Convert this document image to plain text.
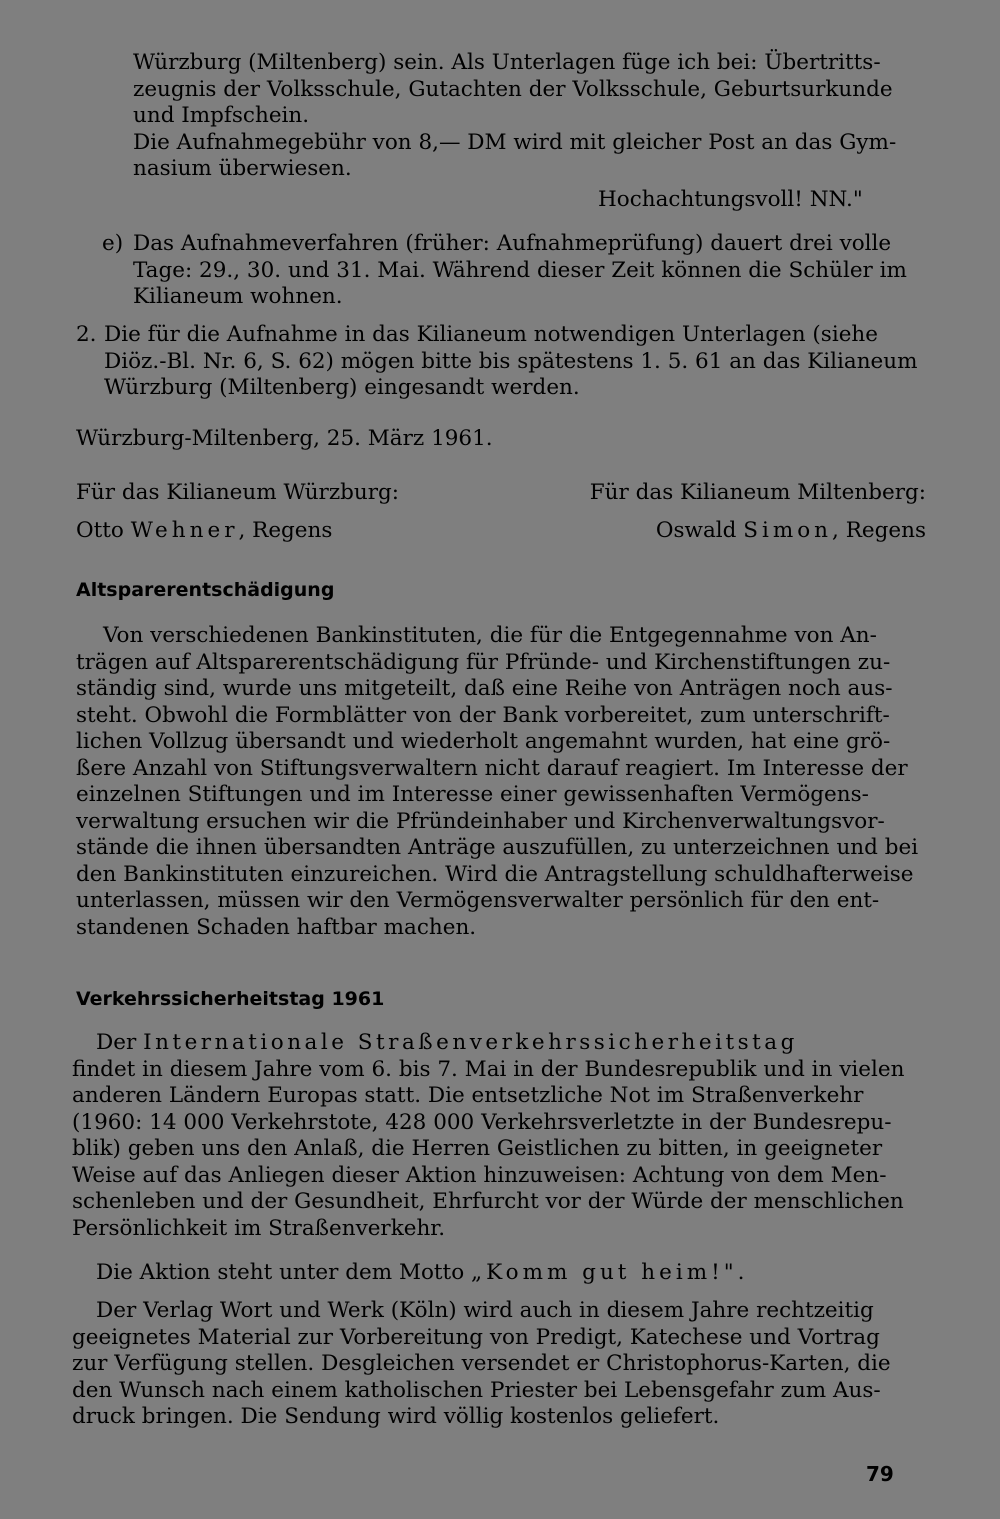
Würzburg (Miltenberg) sein. Als Unterlagen füge ich bei: Übertritts-
zeugnis der Volksschule, Gutachten der Volksschule, Geburtsurkunde
und Impfschein.
Die Aufnahmegebühr von 8,— DM wird mit gleicher Post an das Gym-
nasium überwiesen.
Hochachtungsvoll! NN."
e) Das Aufnahmeverfahren (früher: Aufnahmeprüfung) dauert drei volle
Tage: 29., 30. und 31. Mai. Während dieser Zeit können die Schüler im
Kilianeum wohnen.
2. Die für die Aufnahme in das Kilianeum notwendigen Unterlagen (siehe
Diöz.-Bl. Nr. 6, S. 62) mögen bitte bis spätestens 1. 5. 61 an das Kilianeum
Würzburg (Miltenberg) eingesandt werden.
Würzburg-Miltenberg, 25. März 1961.
Für das Kilianeum Würzburg:	Für das Kilianeum Miltenberg:
Otto Wehner, Regens	Oswald Simon, Regens
Altsparerentschädigung
Von verschiedenen Bankinstituten, die für die Entgegennahme von An-
trägen auf Altsparerentschädigung für Pfründe- und Kirchenstiftungen zu-
ständig sind, wurde uns mitgeteilt, daß eine Reihe von Anträgen noch aus-
steht. Obwohl die Formblätter von der Bank vorbereitet, zum unterschrift-
lichen Vollzug übersandt und wiederholt angemahnt wurden, hat eine grö-
ßere Anzahl von Stiftungsverwaltern nicht darauf reagiert. Im Interesse der
einzelnen Stiftungen und im Interesse einer gewissenhaften Vermögens-
verwaltung ersuchen wir die Pfründeinhaber und Kirchenverwaltungsvor-
stände die ihnen übersandten Anträge auszufüllen, zu unterzeichnen und bei
den Bankinstituten einzureichen. Wird die Antragstellung schuldhafterweise
unterlassen, müssen wir den Vermögensverwalter persönlich für den ent-
standenen Schaden haftbar machen.
Verkehrssicherheitstag 1961
Der Internationale Straßenverkehrssicherheitstag
findet in diesem Jahre vom 6. bis 7. Mai in der Bundesrepublik und in vielen
anderen Ländern Europas statt. Die entsetzliche Not im Straßenverkehr
(1960: 14 000 Verkehrstote, 428 000 Verkehrsverletzte in der Bundesrepu-
blik) geben uns den Anlaß, die Herren Geistlichen zu bitten, in geeigneter
Weise auf das Anliegen dieser Aktion hinzuweisen: Achtung von dem Men-
schenleben und der Gesundheit, Ehrfurcht vor der Würde der menschlichen
Persönlichkeit im Straßenverkehr.
Die Aktion steht unter dem Motto „Komm gut heim!".
Der Verlag Wort und Werk (Köln) wird auch in diesem Jahre rechtzeitig
geeignetes Material zur Vorbereitung von Predigt, Katechese und Vortrag
zur Verfügung stellen. Desgleichen versendet er Christophorus-Karten, die
den Wunsch nach einem katholischen Priester bei Lebensgefahr zum Aus-
druck bringen. Die Sendung wird völlig kostenlos geliefert.
79
